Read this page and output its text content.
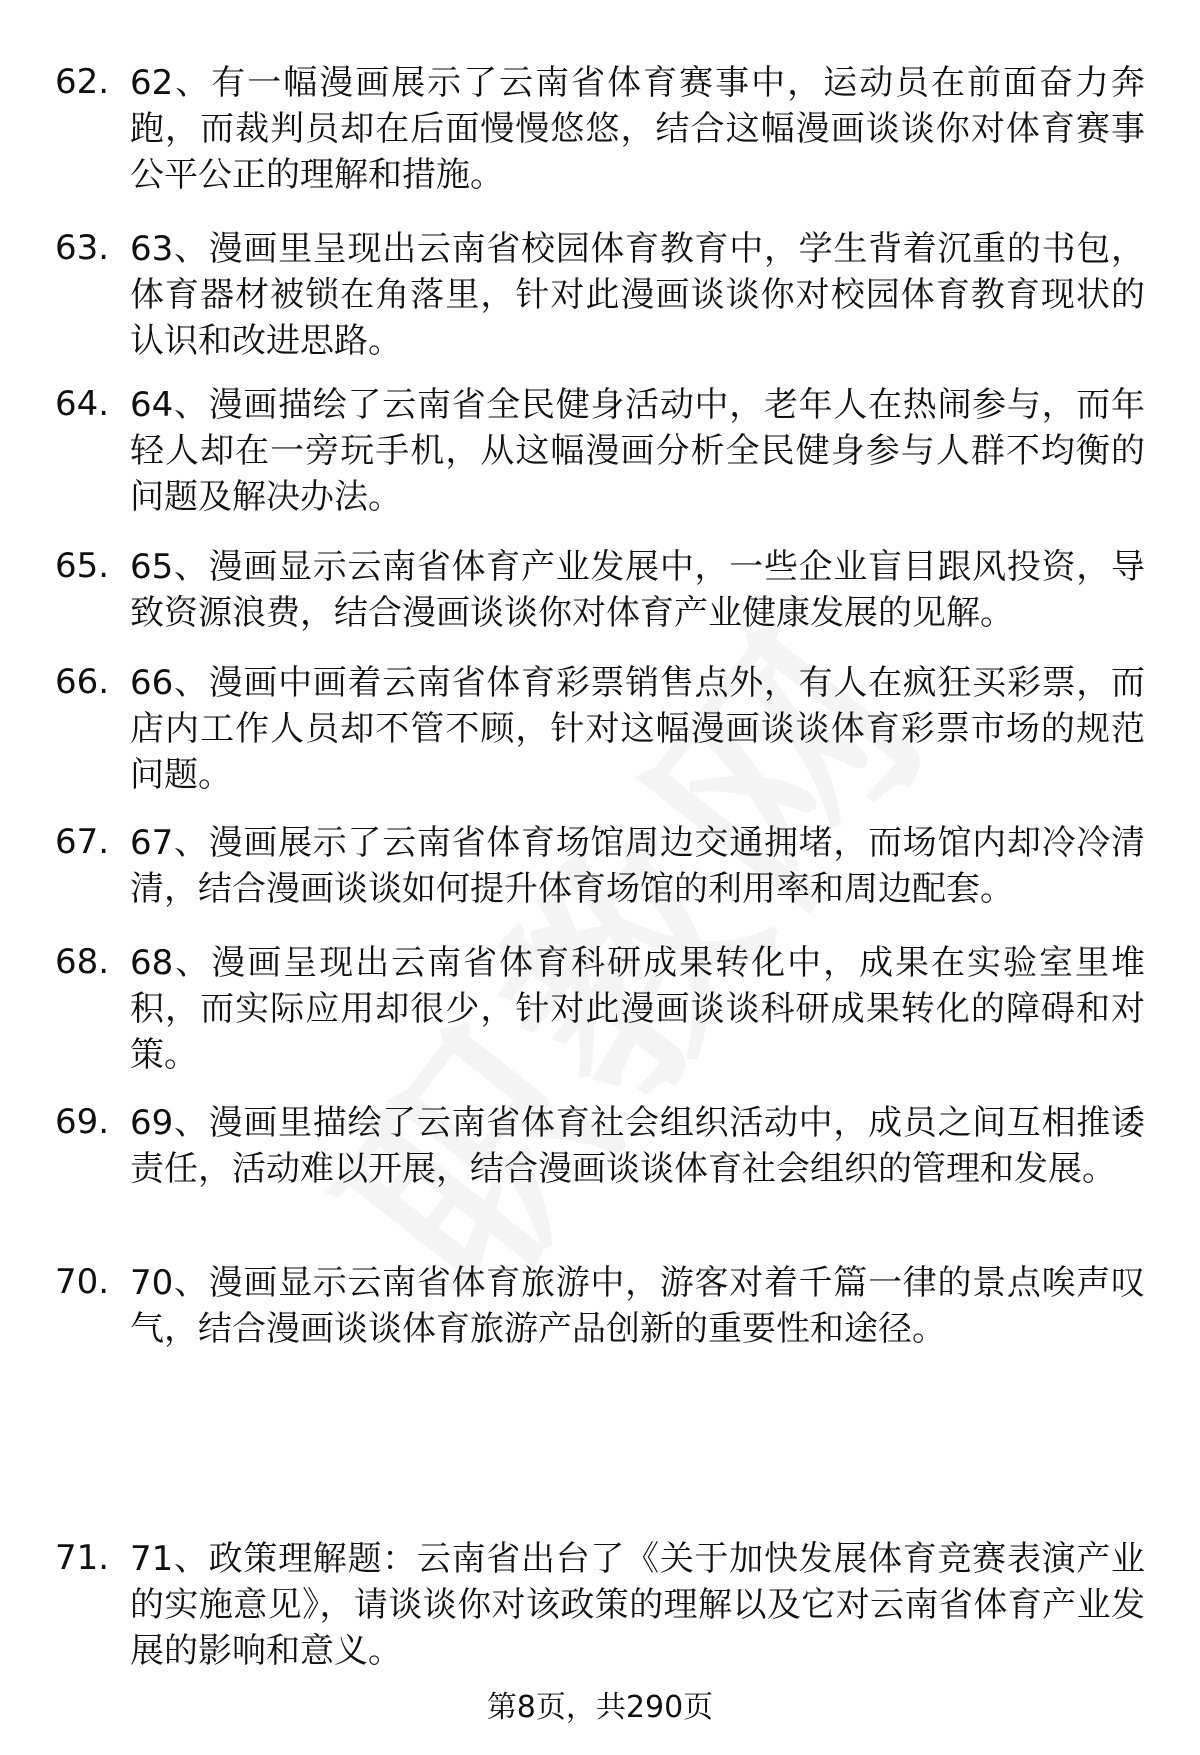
62. 62、有一幅漫画展示了云南省体育赛事中，运动员在前面奋力奔跑，而裁判员却在后面慢慢悠悠，结合这幅漫画谈谈你对体育赛事公平公正的理解和措施。
63. 63、漫画里呈现出云南省校园体育教育中，学生背着沉重的书包，体育器材被锁在角落里，针对此漫画谈谈你对校园体育教育现状的认识和改进思路。
64. 64、漫画描绘了云南省全民健身活动中，老年人在热闹参与，而年轻人却在一旁玩手机，从这幅漫画分析全民健身参与人群不均衡的问题及解决办法。
65. 65、漫画显示云南省体育产业发展中，一些企业盲目跟风投资，导致资源浪费，结合漫画谈谈你对体育产业健康发展的见解。
66. 66、漫画中画着云南省体育彩票销售点外，有人在疯狂买彩票，而店内工作人员却不管不顾，针对这幅漫画谈谈体育彩票市场的规范问题。
67. 67、漫画展示了云南省体育场馆周边交通拥堵，而场馆内却冷冷清清，结合漫画谈谈如何提升体育场馆的利用率和周边配套。
68. 68、漫画呈现出云南省体育科研成果转化中，成果在实验室里堆积，而实际应用却很少，针对此漫画谈谈科研成果转化的障碍和对策。
69. 69、漫画里描绘了云南省体育社会组织活动中，成员之间互相推诿责任，活动难以开展，结合漫画谈谈体育社会组织的管理和发展。
70. 70、漫画显示云南省体育旅游中，游客对着千篇一律的景点唉声叹气，结合漫画谈谈体育旅游产品创新的重要性和途径。
71. 71、政策理解题：云南省出台了《关于加快发展体育竞赛表演产业的实施意见》，请谈谈你对该政策的理解以及它对云南省体育产业发展的影响和意义。
第8页，共290页
